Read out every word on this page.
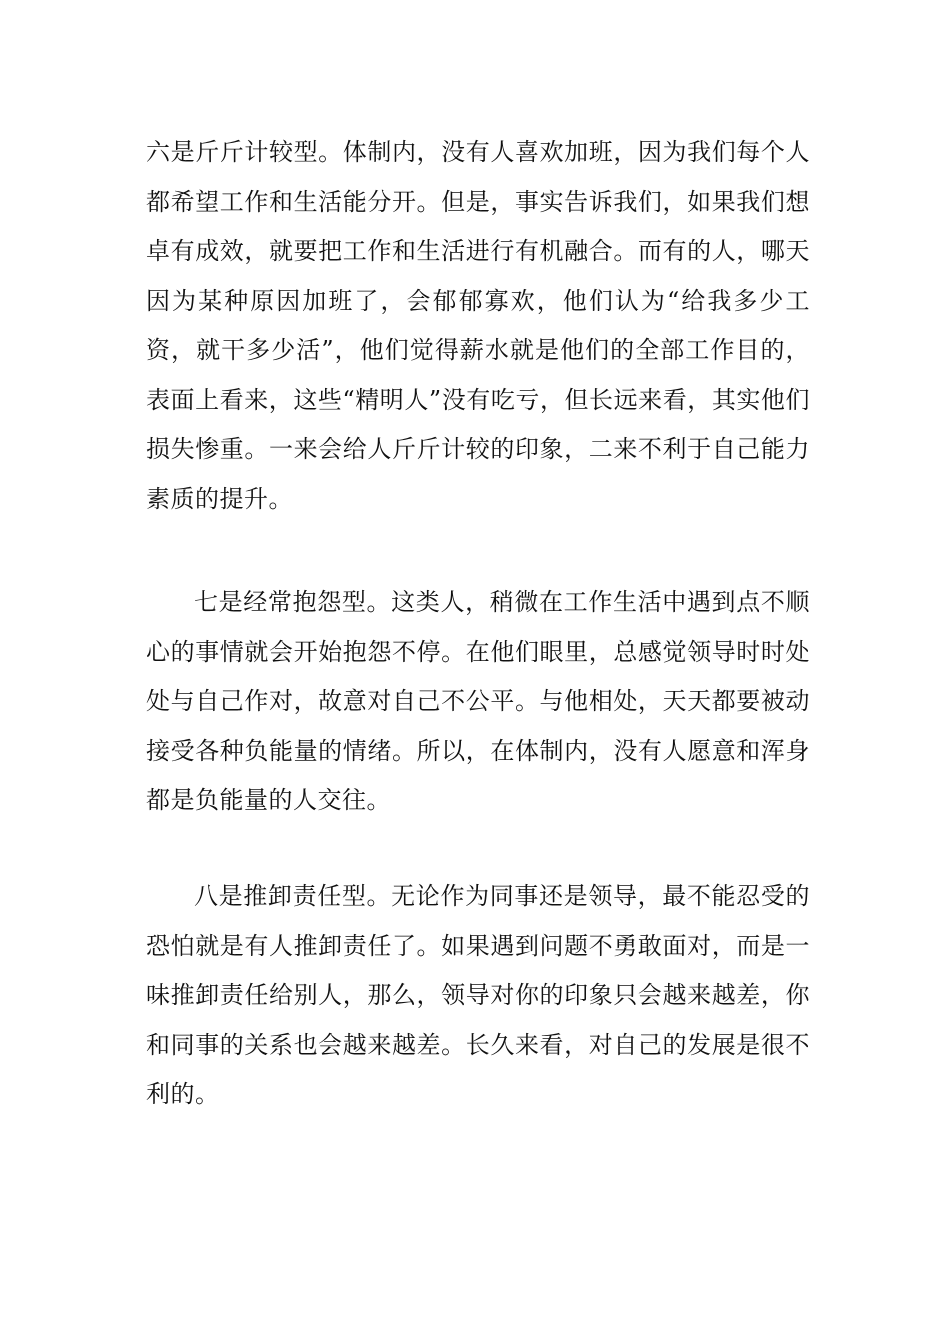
六是斤斤计较型。体制内，没有人喜欢加班，因为我们每个人都希望工作和生活能分开。但是，事实告诉我们，如果我们想卓有成效，就要把工作和生活进行有机融合。而有的人，哪天因为某种原因加班了，会郁郁寡欢，他们认为“给我多少工资，就干多少活”，他们觉得薪水就是他们的全部工作目的，表面上看来，这些“精明人”没有吃亏，但长远来看，其实他们损失惨重。一来会给人斤斤计较的印象，二来不利于自己能力素质的提升。

七是经常抱怨型。这类人，稍微在工作生活中遇到点不顺心的事情就会开始抱怨不停。在他们眼里，总感觉领导时时处处与自己作对，故意对自己不公平。与他相处，天天都要被动接受各种负能量的情绪。所以，在体制内，没有人愿意和浑身都是负能量的人交往。

八是推卸责任型。无论作为同事还是领导，最不能忍受的恐怕就是有人推卸责任了。如果遇到问题不勇敢面对，而是一味推卸责任给别人，那么，领导对你的印象只会越来越差，你和同事的关系也会越来越差。长久来看，对自己的发展是很不利的。
